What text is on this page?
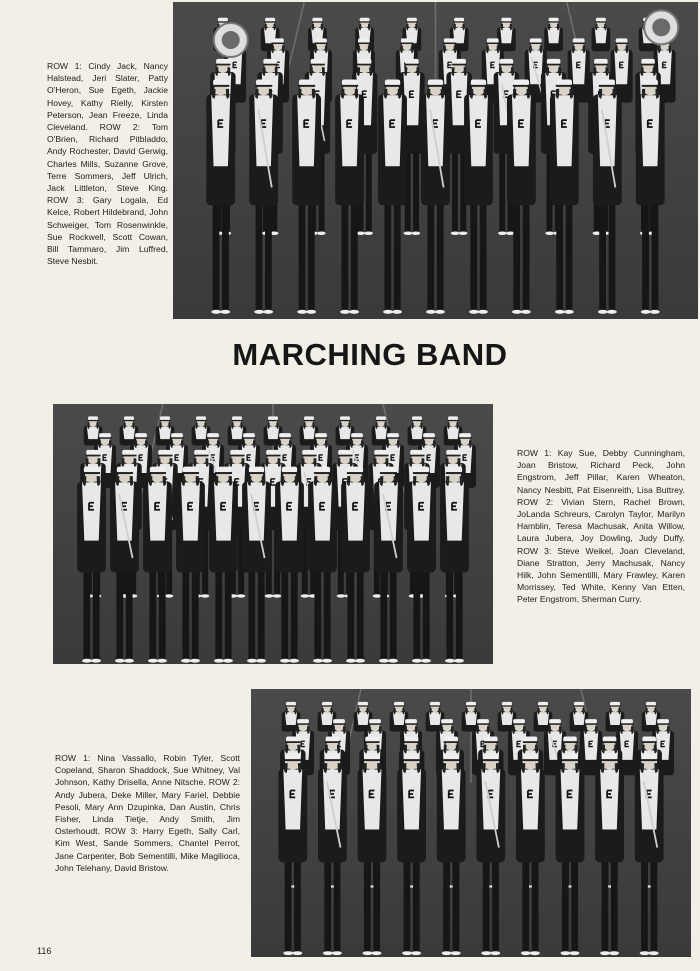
ROW 1: Cindy Jack, Nancy Halstead, Jeri Slater, Patty O'Heron, Sue Egeth, Jackie Hovey, Kathy Rielly, Kirsten Peterson, Jean Freeze, Linda Cleveland. ROW 2: Tom O'Brien, Richard Pitbladdo, Andy Rochester, David Gerwig, Charles Mills, Suzanne Grove, Terre Sommers, Jeff Ulrich, Jack Littleton, Steve King. ROW 3: Gary Logala, Ed Kelce, Robert Hildebrand, John Schweiger, Tom Rosenwinkle, Sue Rockwell, Scott Cowan, Bill Tammaro, Jim Luffred, Steve Nesbit.
MARCHING BAND
ROW 1: Kay Sue, Debby Cunningham, Joan Bristow, Richard Peck, John Engstrom, Jeff Pillar, Karen Wheaton, Nancy Nesbitt, Pat Eisenreith, Lisa Buttrey. ROW 2: Vivian Stern, Rachel Brown, JoLanda Schreurs, Carolyn Taylor, Marilyn Hamblin, Teresa Machusak, Anita Willow, Laura Jubera, Joy Dowling, Judy Duffy. ROW 3: Steve Weikel, Joan Cleveland, Diane Stratton, Jerry Machusak, Nancy Hilk, John Sementilli, Mary Frawley, Karen Morrissey, Ted White, Kenny Van Etten, Peter Engstrom, Sherman Curry.
ROW 1: Nina Vassallo, Robin Tyler, Scott Copeland, Sharon Shaddock, Sue Whitney, Val Johnson, Kathy Drisella, Anne Nitsche. ROW 2: Andy Jubera, Deke Miller, Mary Fariel, Debbie Pesoli, Mary Ann Dzupinka, Dan Austin, Chris Fisher, Linda Tietje, Andy Smith, Jim Osterhoudt. ROW 3: Harry Egeth, Sally Carl, Kim West, Sande Sommers, Chantel Perrot, Jane Carpenter, Bob Sementilli, Mike Magilioca, John Telehany, David Bristow.
116
